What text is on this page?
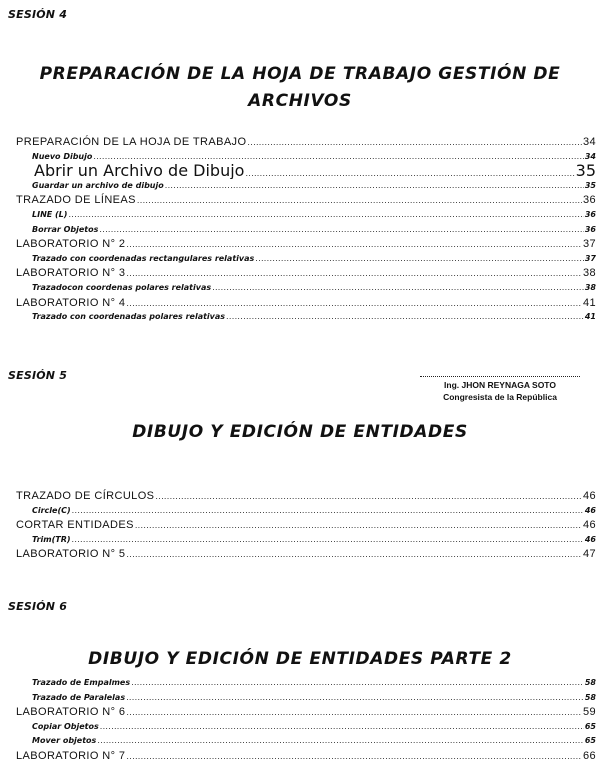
SESIÓN 4
PREPARACIÓN DE LA HOJA DE TRABAJO GESTIÓN DE
ARCHIVOS
PREPARACIÓN DE LA HOJA DE TRABAJO .....	34
Nuevo Dibujo .....	34
Abrir un Archivo de Dibujo .....	35
Guardar un archivo de dibujo .....	35
TRAZADO DE LÍNEAS .....	36
LINE (L) .....	36
Borrar Objetos .....	36
LABORATORIO N° 2 .....	37
Trazado con coordenadas rectangulares relativas .....	37
LABORATORIO N° 3 .....	38
Trazadocon coordenas polares relativas .....	38
LABORATORIO N° 4 .....	41
Trazado con coordenadas polares relativas .....	41
SESIÓN 5
Ing. JHON REYNAGA SOTO
Congresista de la República
DIBUJO Y EDICIÓN DE ENTIDADES
TRAZADO DE CÍRCULOS .....	46
Circle(C) .....	46
CORTAR ENTIDADES .....	46
Trim(TR) .....	46
LABORATORIO N° 5 .....	47
SESIÓN 6
DIBUJO Y EDICIÓN DE ENTIDADES PARTE 2
Trazado de Empalmes .....	58
Trazado de Paralelas .....	58
LABORATORIO N° 6 .....	59
Copiar Objetos .....	65
Mover objetos .....	65
LABORATORIO N° 7 .....	66
